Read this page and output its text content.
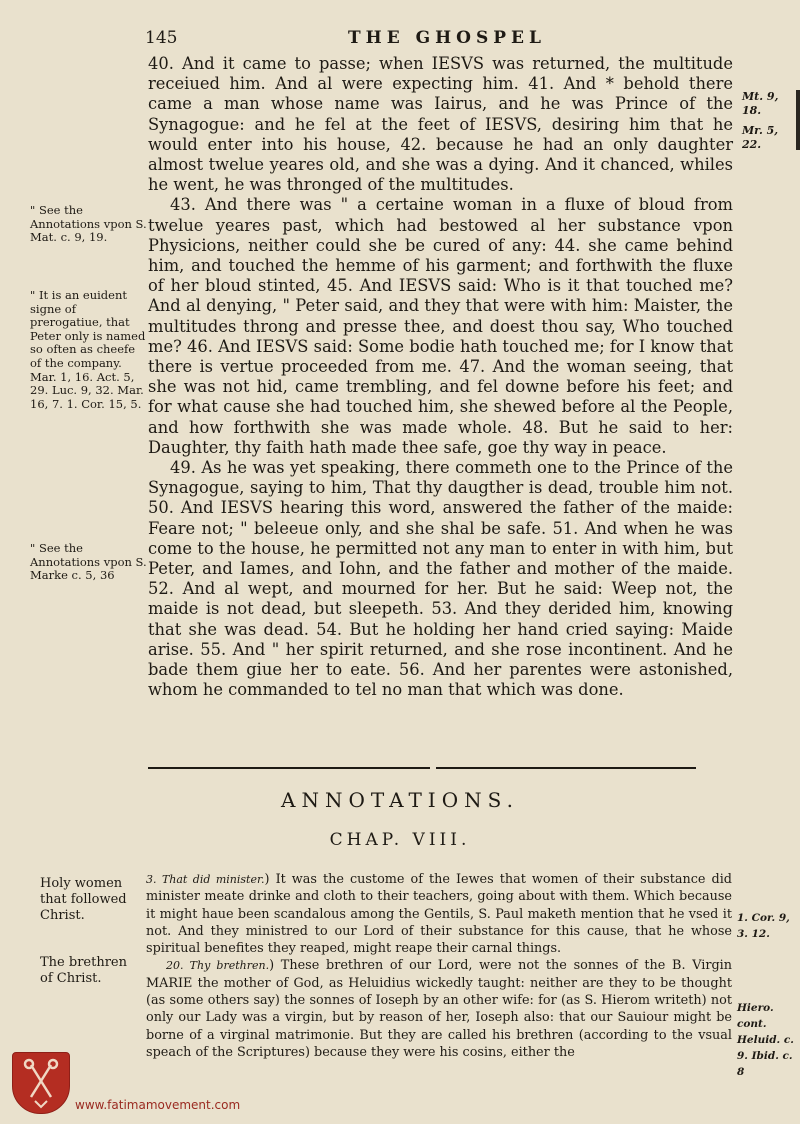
145	THE GHOSPEL

40. And it came to passe; when IESVS was returned, the multitude receiued him. And al were expecting him. 41. And * behold there came a man whose name was Iairus, and he was Prince of the Synagogue: and he fel at the feet of IESVS, desiring him that he would enter into his house, 42. because he had an only daughter almost twelue yeares old, and she was a dying. And it chanced, whiles he went, he was thronged of the multitudes.

43. And there was " a certaine woman in a fluxe of bloud from twelue yeares past, which had bestowed al her substance vpon Physicions, neither could she be cured of any: 44. she came behind him, and touched the hemme of his garment; and forthwith the fluxe of her bloud stinted, 45. And IESVS said: Who is it that touched me? And al denying, " Peter said, and they that were with him: Maister, the multitudes throng and presse thee, and doest thou say, Who touched me? 46. And IESVS said: Some bodie hath touched me; for I know that there is vertue proceeded from me. 47. And the woman seeing, that she was not hid, came trembling, and fel downe before his feet; and for what cause she had touched him, she shewed before al the People, and how forthwith she was made whole. 48. But he said to her: Daughter, thy faith hath made thee safe, goe thy way in peace.

49. As he was yet speaking, there commeth one to the Prince of the Synagogue, saying to him, That thy daugther is dead, trouble him not. 50. And IESVS hearing this word, answered the father of the maide: Feare not; " beleeue only, and she shal be safe. 51. And when he was come to the house, he permitted not any man to enter in with him, but Peter, and Iames, and Iohn, and the father and mother of the maide. 52. And al wept, and mourned for her. But he said: Weep not, the maide is not dead, but sleepeth. 53. And they derided him, knowing that she was dead. 54. But he holding her hand cried saying: Maide arise. 55. And " her spirit returned, and she rose incontinent. And he bade them giue her to eate. 56. And her parentes were astonished, whom he commanded to tel no man that which was done.

" See the Annotations vpon S. Mat. c. 9, 19.
" It is an euident signe of prerogatiue, that Peter only is named so often as cheefe of the company. Mar. 1, 16. Act. 5, 29. Luc. 9, 32. Mar. 16, 7. 1. Cor. 15, 5.
" See the Annotations vpon S. Marke c. 5, 36
Mt. 9, 18.
Mr. 5, 22.
ANNOTATIONS.
CHAP. VIII.

3. That did minister.) It was the custome of the Iewes that women of their substance did minister meate drinke and cloth to their teachers, going about with them. Which because it might haue been scandalous among the Gentils, S. Paul maketh mention that he vsed it not. And they ministred to our Lord of their substance for this cause, that he whose spiritual benefites they reaped, might reape their carnal things.

20. Thy brethren.) These brethren of our Lord, were not the sonnes of the B. Virgin MARIE the mother of God, as Heluidius wickedly taught: neither are they to be thought (as some others say) the sonnes of Ioseph by an other wife: for (as S. Hierom writeth) not only our Lady was a virgin, but by reason of her, Ioseph also: that our Sauiour might be borne of a virginal matrimonie. But they are called his brethren (according to the vsual speach of the Scriptures) because they were his cosins, either the

Holy women that followed Christ.
The brethren of Christ.
1. Cor. 9, 3. 12.
Hiero. cont. Heluid. c. 9. Ibid. c. 8
www.fatimamovement.com
